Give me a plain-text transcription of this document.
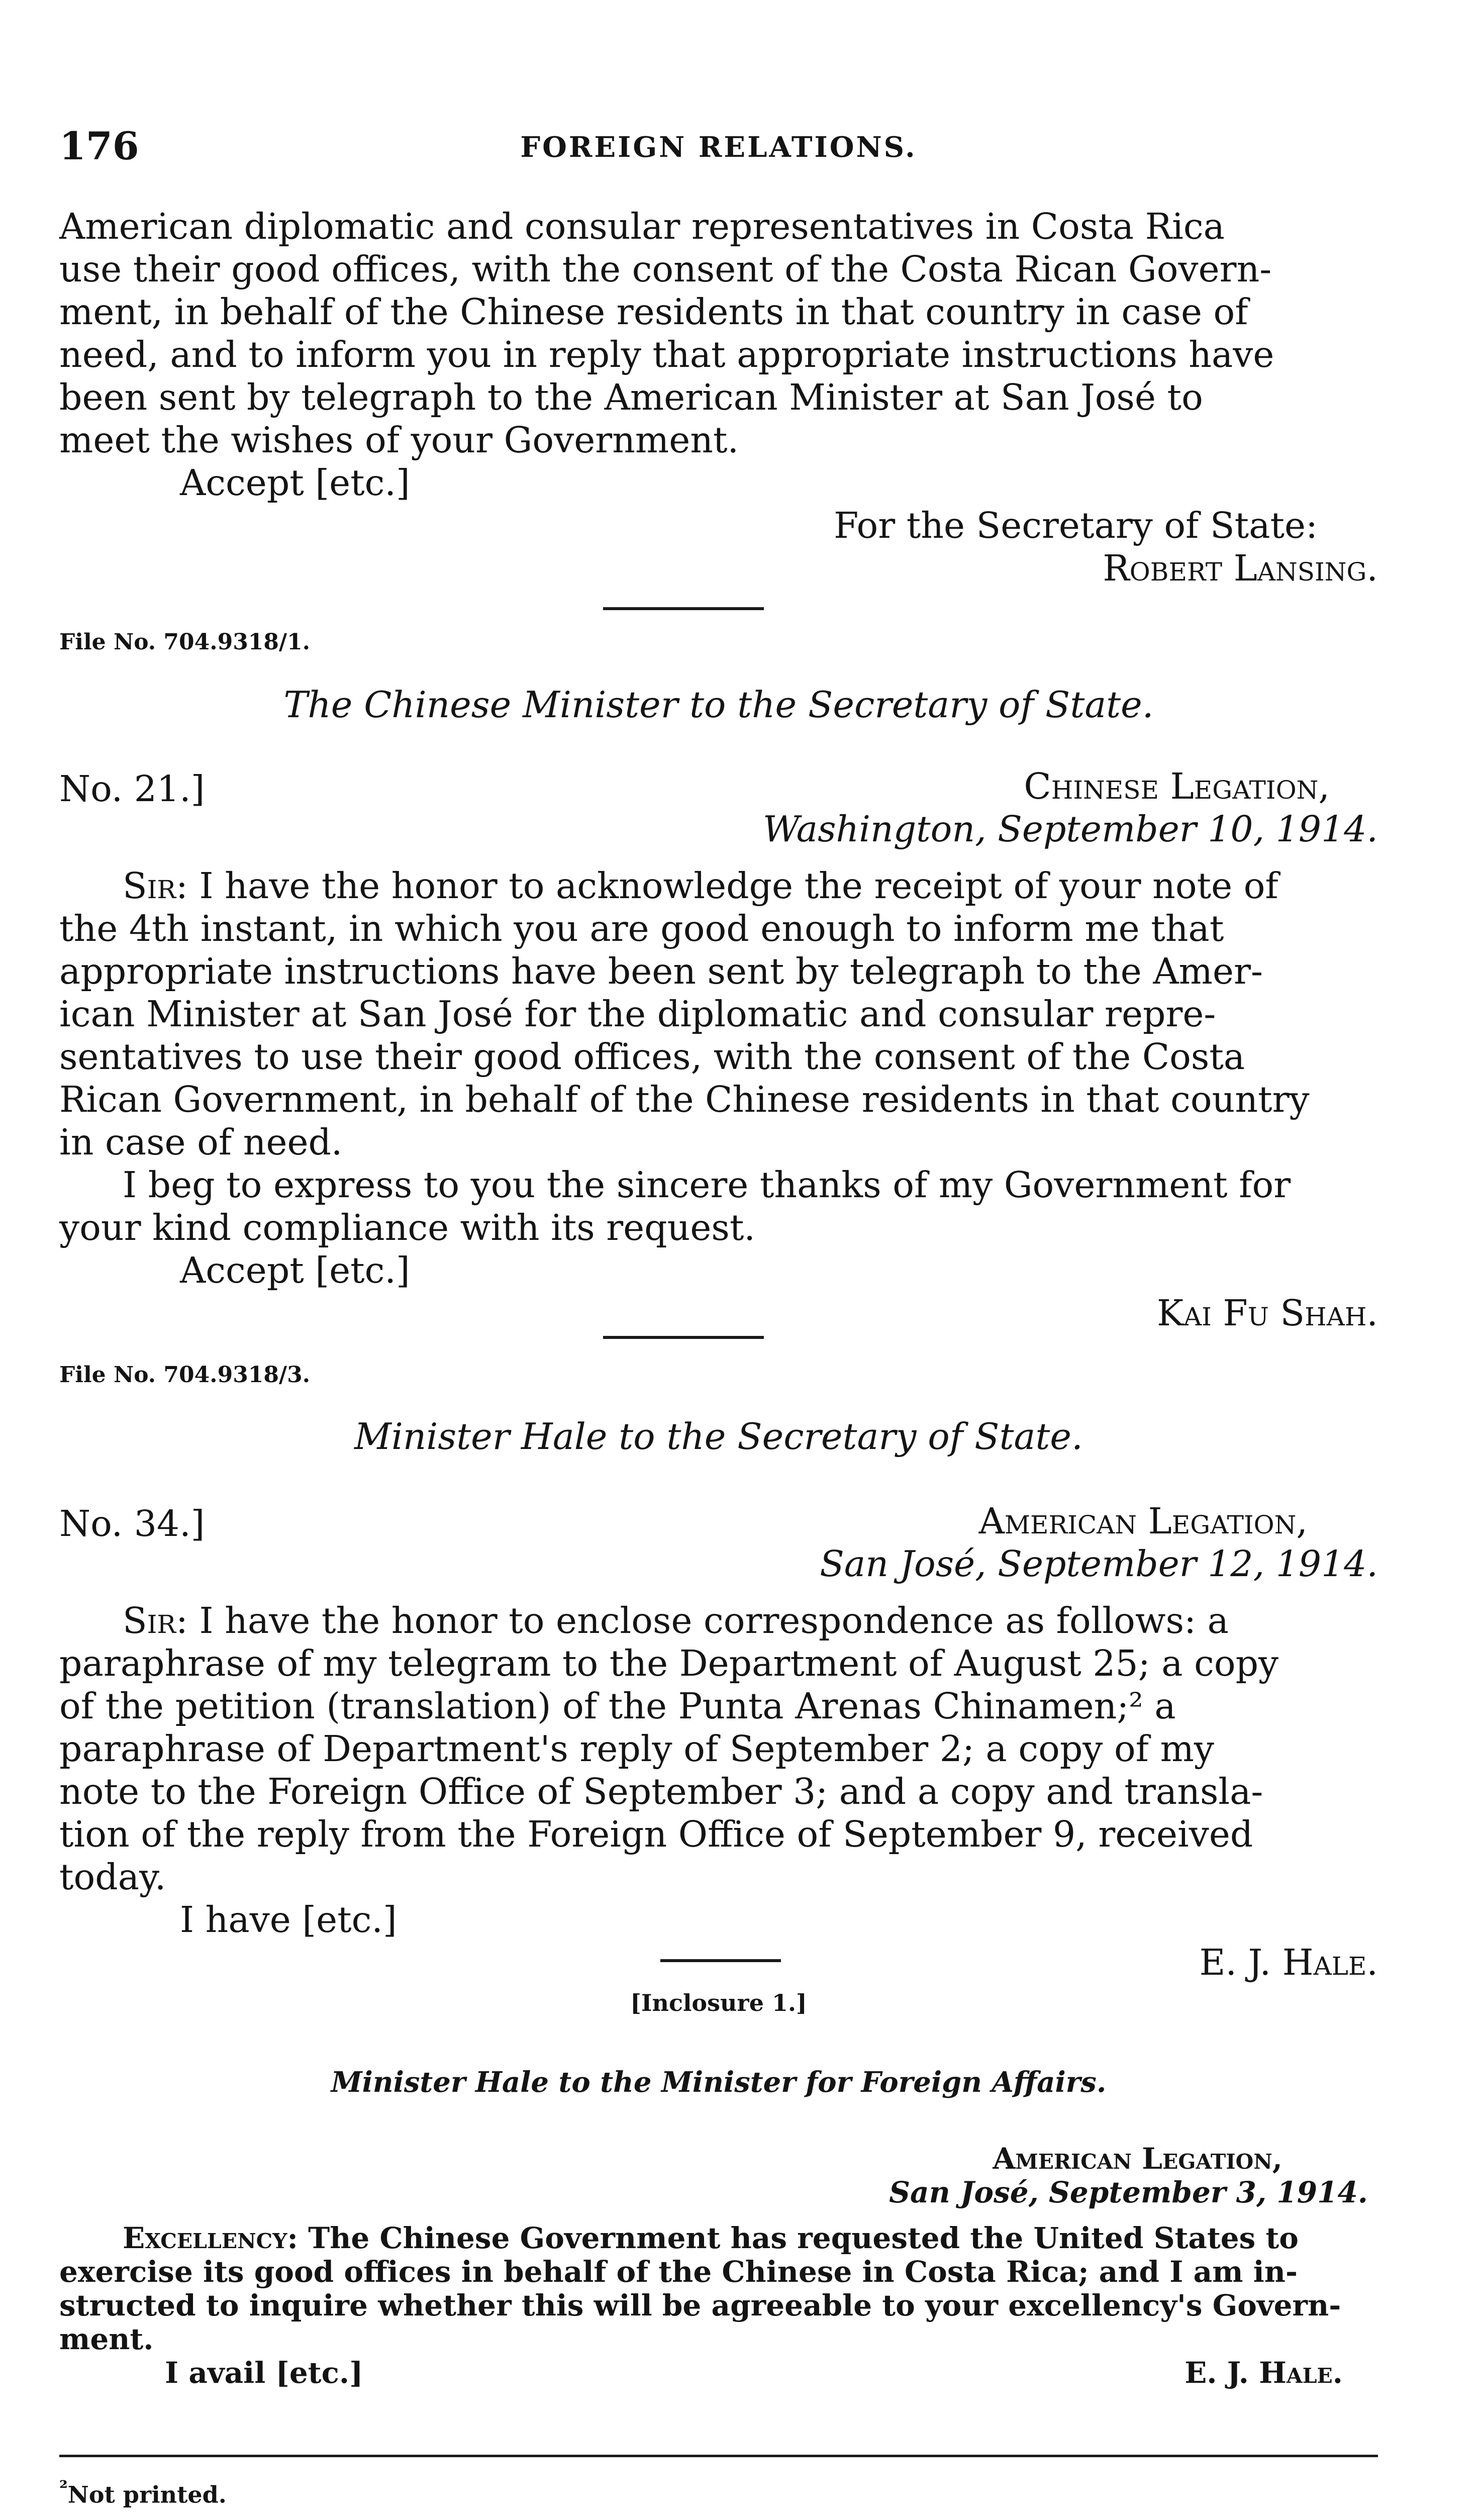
176	FOREIGN RELATIONS.

American diplomatic and consular representatives in Costa Rica

use their good offices, with the consent of the Costa Rican Govern-

ment, in behalf of the Chinese residents in that country in case of

need, and to inform you in reply that appropriate instructions have

been sent by telegraph to the American Minister at San José to

meet the wishes of your Government.

Accept [etc.]

For the Secretary of State:

Robert Lansing.

File No. 704.9318/1.

The Chinese Minister to the Secretary of State.

No. 21.]	Chinese Legation,

Washington, September 10, 1914.

Sir: I have the honor to acknowledge the receipt of your note of

the 4th instant, in which you are good enough to inform me that

appropriate instructions have been sent by telegraph to the Amer-

ican Minister at San José for the diplomatic and consular repre-

sentatives to use their good offices, with the consent of the Costa

Rican Government, in behalf of the Chinese residents in that country

in case of need.

I beg to express to you the sincere thanks of my Government for

your kind compliance with its request.

Accept [etc.]

Kai Fu Shah.

File No. 704.9318/3.

Minister Hale to the Secretary of State.

No. 34.]	American Legation,

San José, September 12, 1914.

Sir: I have the honor to enclose correspondence as follows: a

paraphrase of my telegram to the Department of August 25; a copy

of the petition (translation) of the Punta Arenas Chinamen;² a

paraphrase of Department's reply of September 2; a copy of my

note to the Foreign Office of September 3; and a copy and transla-

tion of the reply from the Foreign Office of September 9, received

today.

I have [etc.]

E. J. Hale.

[Inclosure 1.]

Minister Hale to the Minister for Foreign Affairs.

American Legation,

San José, September 3, 1914.

Excellency: The Chinese Government has requested the United States to

exercise its good offices in behalf of the Chinese in Costa Rica; and I am in-

structed to inquire whether this will be agreeable to your excellency's Govern-

ment.

I avail [etc.]	E. J. Hale.

$^{^2}$Not printed.
